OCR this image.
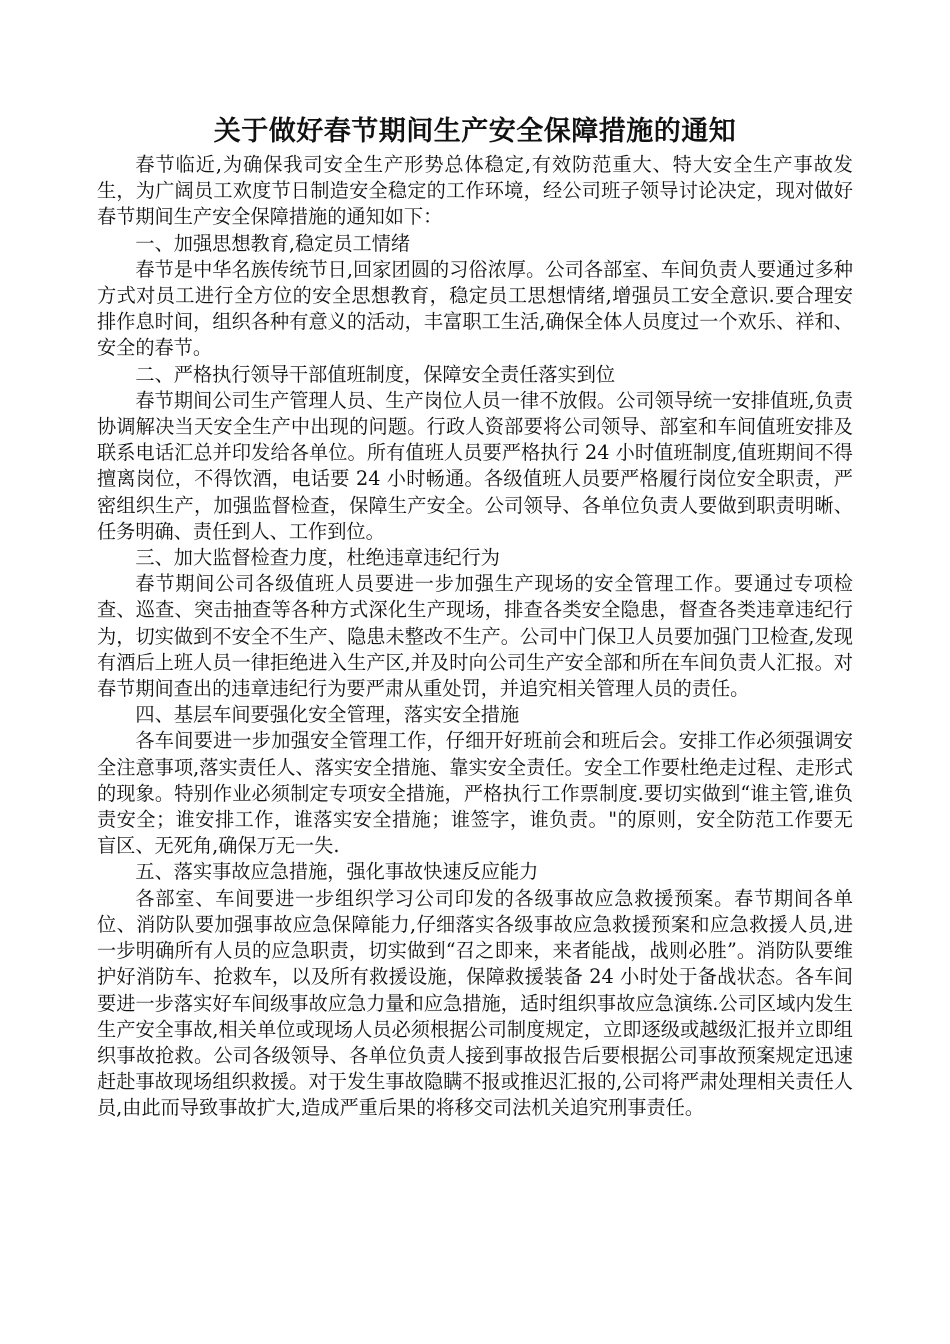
关于做好春节期间生产安全保障措施的通知

春节临近,为确保我司安全生产形势总体稳定,有效防范重大、特大安全生产事故发生，为广阔员工欢度节日制造安全稳定的工作环境，经公司班子领导讨论决定，现对做好春节期间生产安全保障措施的通知如下：

一、加强思想教育,稳定员工情绪

春节是中华名族传统节日,回家团圆的习俗浓厚。公司各部室、车间负责人要通过多种方式对员工进行全方位的安全思想教育，稳定员工思想情绪,增强员工安全意识.要合理安排作息时间，组织各种有意义的活动，丰富职工生活,确保全体人员度过一个欢乐、祥和、安全的春节。

二、严格执行领导干部值班制度，保障安全责任落实到位

春节期间公司生产管理人员、生产岗位人员一律不放假。公司领导统一安排值班,负责协调解决当天安全生产中出现的问题。行政人资部要将公司领导、部室和车间值班安排及联系电话汇总并印发给各单位。所有值班人员要严格执行 24 小时值班制度,值班期间不得擅离岗位，不得饮酒，电话要 24 小时畅通。各级值班人员要严格履行岗位安全职责，严密组织生产，加强监督检查，保障生产安全。公司领导、各单位负责人要做到职责明晰、任务明确、责任到人、工作到位。

三、加大监督检查力度，杜绝违章违纪行为

春节期间公司各级值班人员要进一步加强生产现场的安全管理工作。要通过专项检查、巡查、突击抽查等各种方式深化生产现场，排查各类安全隐患，督查各类违章违纪行为，切实做到不安全不生产、隐患未整改不生产。公司中门保卫人员要加强门卫检查,发现有酒后上班人员一律拒绝进入生产区,并及时向公司生产安全部和所在车间负责人汇报。对春节期间查出的违章违纪行为要严肃从重处罚，并追究相关管理人员的责任。

四、基层车间要强化安全管理，落实安全措施

各车间要进一步加强安全管理工作，仔细开好班前会和班后会。安排工作必须强调安全注意事项,落实责任人、落实安全措施、靠实安全责任。安全工作要杜绝走过程、走形式的现象。特别作业必须制定专项安全措施，严格执行工作票制度.要切实做到“谁主管,谁负责安全；谁安排工作，谁落实安全措施；谁签字，谁负责。"的原则，安全防范工作要无盲区、无死角,确保万无一失.

五、落实事故应急措施，强化事故快速反应能力

各部室、车间要进一步组织学习公司印发的各级事故应急救援预案。春节期间各单位、消防队要加强事故应急保障能力,仔细落实各级事故应急救援预案和应急救援人员,进一步明确所有人员的应急职责，切实做到“召之即来，来者能战，战则必胜”。消防队要维护好消防车、抢救车，以及所有救援设施，保障救援装备 24 小时处于备战状态。各车间要进一步落实好车间级事故应急力量和应急措施，适时组织事故应急演练.公司区域内发生生产安全事故,相关单位或现场人员必须根据公司制度规定，立即逐级或越级汇报并立即组织事故抢救。公司各级领导、各单位负责人接到事故报告后要根据公司事故预案规定迅速赶赴事故现场组织救援。对于发生事故隐瞒不报或推迟汇报的,公司将严肃处理相关责任人员,由此而导致事故扩大,造成严重后果的将移交司法机关追究刑事责任。
